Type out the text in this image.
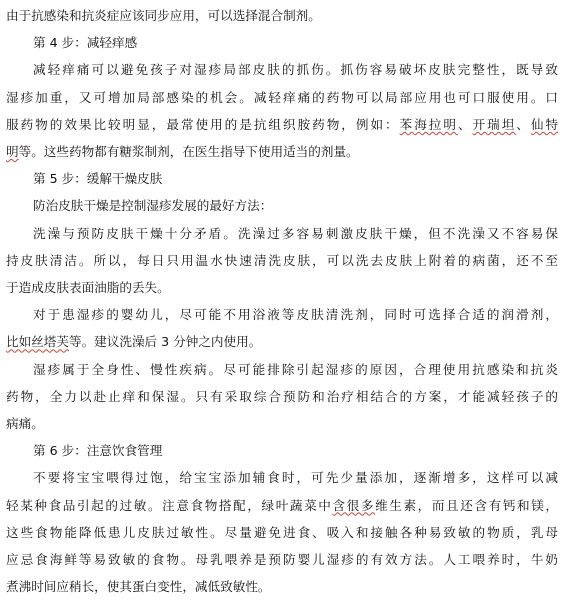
由于抗感染和抗炎症应该同步应用，可以选择混合制剂。
第 4 步：减轻痒感
减轻痒痛可以避免孩子对湿疹局部皮肤的抓伤。抓伤容易破坏皮肤完整性，既导致
湿疹加重，又可增加局部感染的机会。减轻痒痛的药物可以局部应用也可口服使用。口
服药物的效果比较明显，最常使用的是抗组织胺药物，例如：苯海拉明、开瑞坦、仙特
明等。这些药物都有糖浆制剂，在医生指导下使用适当的剂量。
第 5 步：缓解干燥皮肤
防治皮肤干燥是控制湿疹发展的最好方法：
洗澡与预防皮肤干燥十分矛盾。洗澡过多容易刺激皮肤干燥，但不洗澡又不容易保
持皮肤清洁。所以，每日只用温水快速清洗皮肤，可以洗去皮肤上附着的病菌，还不至
于造成皮肤表面油脂的丢失。
对于患湿疹的婴幼儿，尽可能不用浴液等皮肤清洗剂，同时可选择合适的润滑剂，
比如丝塔芙等。建议洗澡后 3 分钟之内使用。
湿疹属于全身性、慢性疾病。尽可能排除引起湿疹的原因，合理使用抗感染和抗炎
药物，全力以赴止痒和保湿。只有采取综合预防和治疗相结合的方案，才能减轻孩子的
病痛。
第 6 步：注意饮食管理
不要将宝宝喂得过饱，给宝宝添加辅食时，可先少量添加，逐渐增多，这样可以减
轻某种食品引起的过敏。注意食物搭配，绿叶蔬菜中含很多维生素，而且还含有钙和镁，
这些食物能降低患儿皮肤过敏性。尽量避免进食、吸入和接触各种易致敏的物质，乳母
应忌食海鲜等易致敏的食物。母乳喂养是预防婴儿湿疹的有效方法。人工喂养时，牛奶
煮沸时间应稍长，使其蛋白变性，减低致敏性。
